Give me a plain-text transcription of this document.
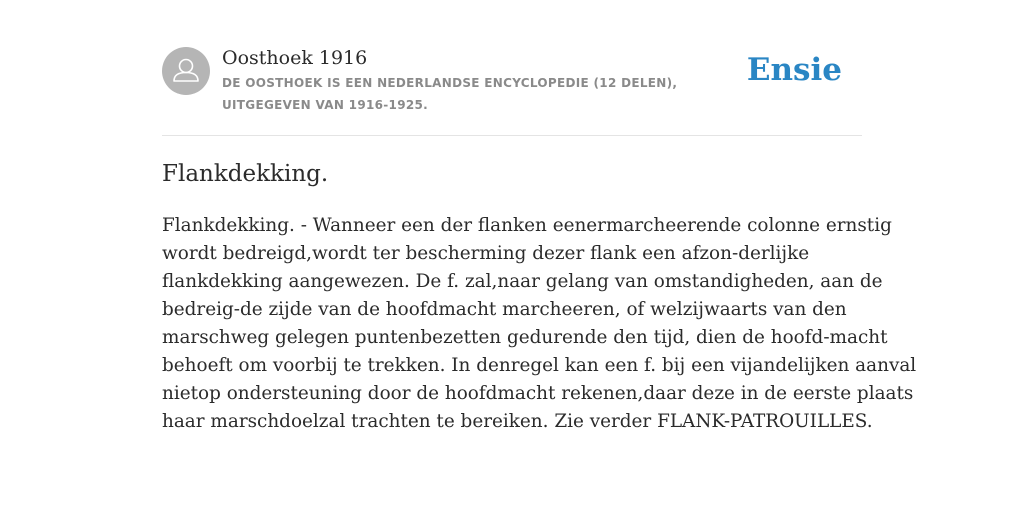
Oosthoek 1916

DE OOSTHOEK IS EEN NEDERLANDSE ENCYCLOPEDIE (12 DELEN), UITGEGEVEN VAN 1916-1925.

Ensie
Flankdekking.

Flankdekking. - Wanneer een der flanken eenermarcheerende colonne ernstig
wordt bedreigd,wordt ter bescherming dezer flank een afzon-derlijke
flankdekking aangewezen. De f. zal,naar gelang van omstandigheden, aan de
bedreig-de zijde van de hoofdmacht marcheeren, of welzijwaarts van den
marschweg gelegen puntenbezetten gedurende den tijd, dien de hoofd-macht
behoeft om voorbij te trekken. In denregel kan een f. bij een vijandelijken aanval
nietop ondersteuning door de hoofdmacht rekenen,daar deze in de eerste plaats
haar marschdoelzal trachten te bereiken. Zie verder FLANK-PATROUILLES.
